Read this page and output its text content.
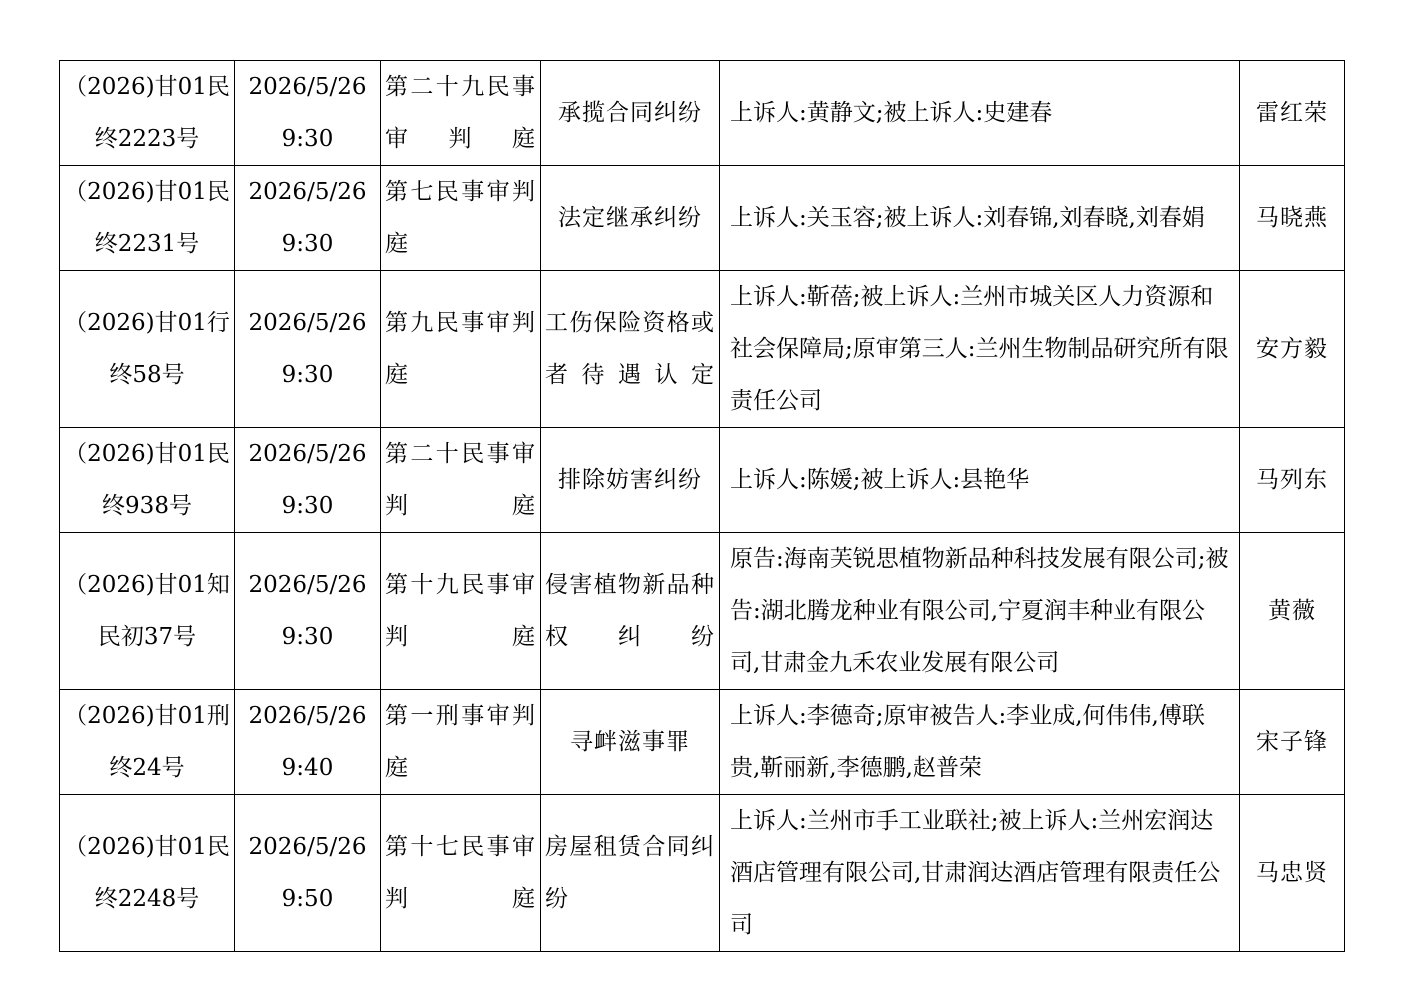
（2026)甘01民终2223号	2026/5/26 9:30	第二十九民事审判庭	承揽合同纠纷	上诉人:黄静文;被上诉人:史建春	雷红荣
（2026)甘01民终2231号	2026/5/26 9:30	第七民事审判庭	法定继承纠纷	上诉人:关玉容;被上诉人:刘春锦,刘春晓,刘春娟	马晓燕
（2026)甘01行终58号	2026/5/26 9:30	第九民事审判庭	工伤保险资格或者待遇认定	上诉人:靳蓓;被上诉人:兰州市城关区人力资源和社会保障局;原审第三人:兰州生物制品研究所有限责任公司	安方毅
（2026)甘01民终938号	2026/5/26 9:30	第二十民事审判庭	排除妨害纠纷	上诉人:陈媛;被上诉人:县艳华	马列东
（2026)甘01知民初37号	2026/5/26 9:30	第十九民事审判庭	侵害植物新品种权纠纷	原告:海南芙锐思植物新品种科技发展有限公司;被告:湖北腾龙种业有限公司,宁夏润丰种业有限公司,甘肃金九禾农业发展有限公司	黄薇
（2026)甘01刑终24号	2026/5/26 9:40	第一刑事审判庭	寻衅滋事罪	上诉人:李德奇;原审被告人:李业成,何伟伟,傅联贵,靳丽新,李德鹏,赵普荣	宋子锋
（2026)甘01民终2248号	2026/5/26 9:50	第十七民事审判庭	房屋租赁合同纠纷	上诉人:兰州市手工业联社;被上诉人:兰州宏润达酒店管理有限公司,甘肃润达酒店管理有限责任公司	马忠贤
